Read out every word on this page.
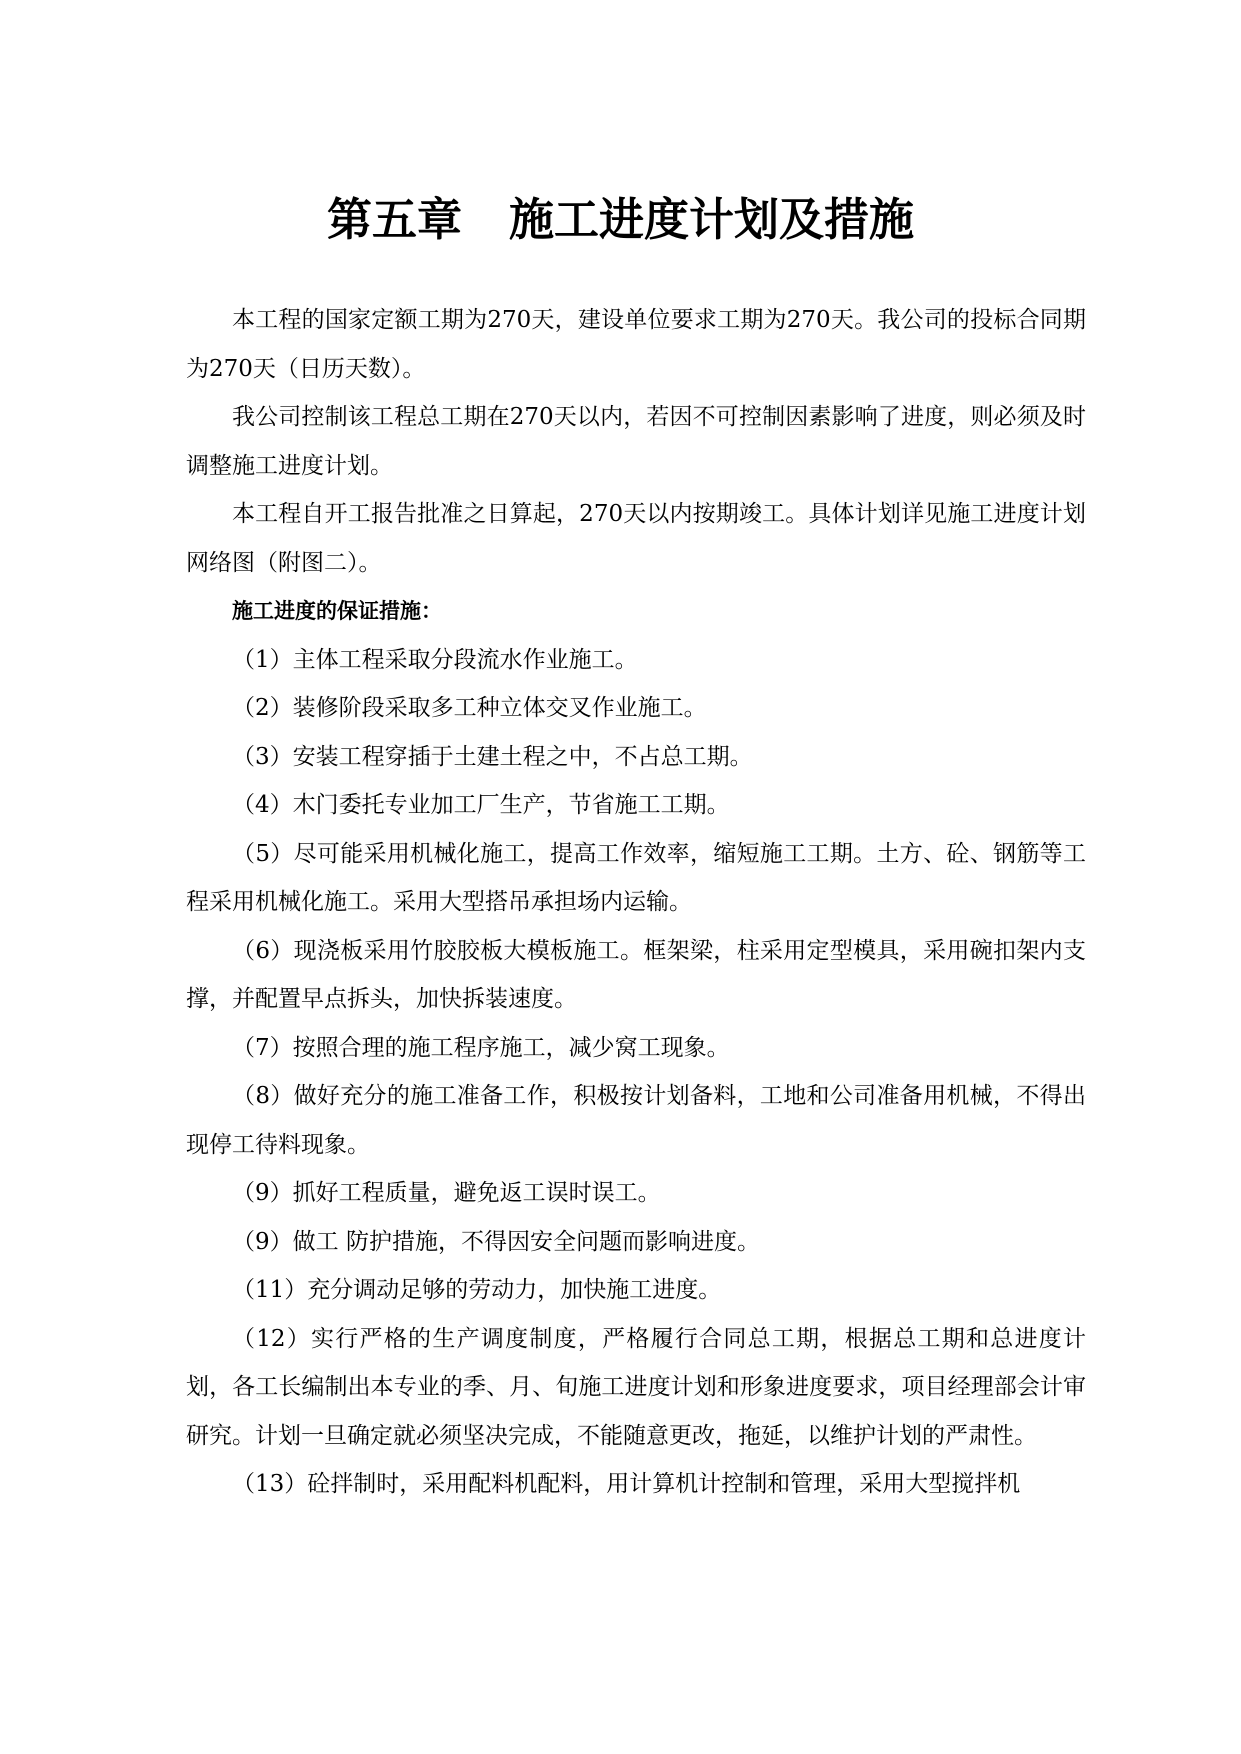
第五章   施工进度计划及措施

本工程的国家定额工期为270天，建设单位要求工期为270天。我公司的投标合同期为270天（日历天数）。

我公司控制该工程总工期在270天以内，若因不可控制因素影响了进度，则必须及时调整施工进度计划。

本工程自开工报告批准之日算起，270天以内按期竣工。具体计划详见施工进度计划网络图（附图二）。

施工进度的保证措施：

（1）主体工程采取分段流水作业施工。

（2）装修阶段采取多工种立体交叉作业施工。

（3）安装工程穿插于土建土程之中，不占总工期。

（4）木门委托专业加工厂生产，节省施工工期。

（5）尽可能采用机械化施工，提高工作效率，缩短施工工期。土方、砼、钢筋等工程采用机械化施工。采用大型搭吊承担场内运输。

（6）现浇板采用竹胶胶板大模板施工。框架梁，柱采用定型模具，采用碗扣架内支撑，并配置早点拆头，加快拆装速度。

（7）按照合理的施工程序施工，减少窝工现象。

（8）做好充分的施工准备工作，积极按计划备料，工地和公司准备用机械，不得出现停工待料现象。

（9）抓好工程质量，避免返工误时误工。

（9）做工 防护措施，不得因安全问题而影响进度。

（11）充分调动足够的劳动力，加快施工进度。

（12）实行严格的生产调度制度，严格履行合同总工期，根据总工期和总进度计划，各工长编制出本专业的季、月、旬施工进度计划和形象进度要求，项目经理部会计审研究。计划一旦确定就必须坚决完成，不能随意更改，拖延，以维护计划的严肃性。

（13）砼拌制时，采用配料机配料，用计算机计控制和管理，采用大型搅拌机
